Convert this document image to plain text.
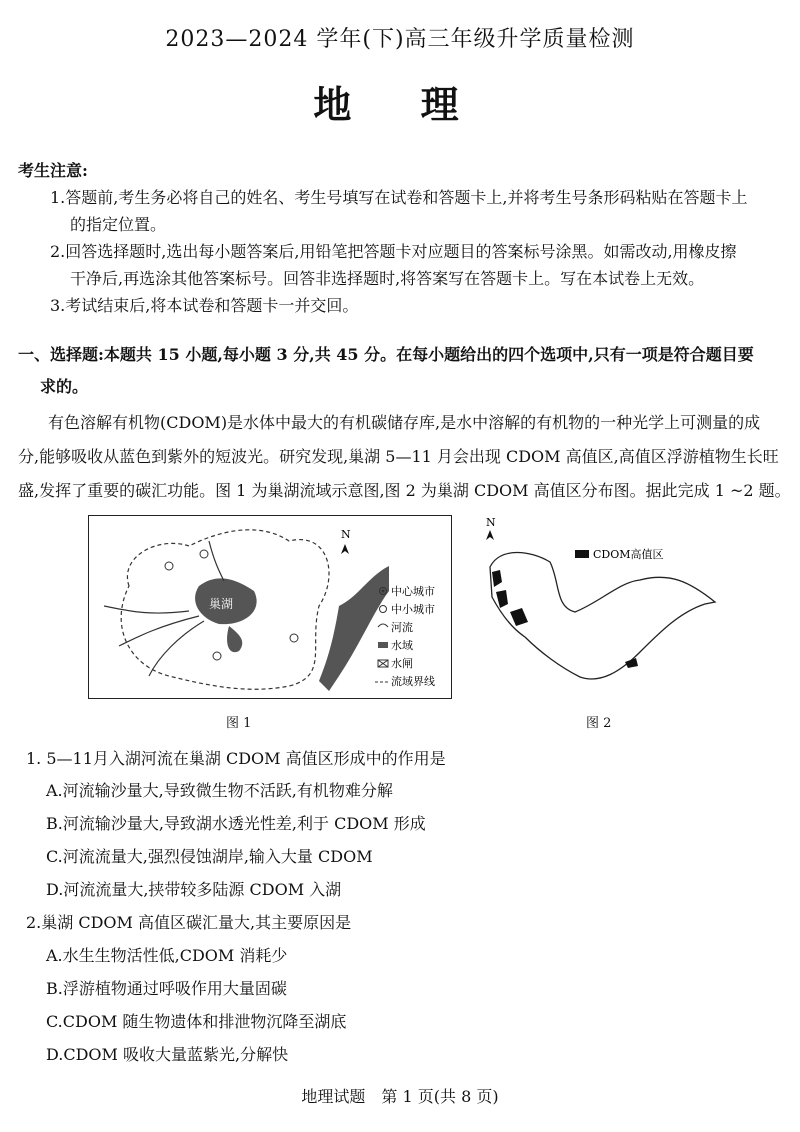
2023—2024 学年(下)高三年级升学质量检测
地 理
考生注意:
1.答题前,考生务必将自己的姓名、考生号填写在试卷和答题卡上,并将考生号条形码粘贴在答题卡上
的指定位置。
2.回答选择题时,选出每小题答案后,用铅笔把答题卡对应题目的答案标号涂黑。如需改动,用橡皮擦
干净后,再选涂其他答案标号。回答非选择题时,将答案写在答题卡上。写在本试卷上无效。
3.考试结束后,将本试卷和答题卡一并交回。
一、选择题:本题共 15 小题,每小题 3 分,共 45 分。在每小题给出的四个选项中,只有一项是符合题目要
求的。
有色溶解有机物(CDOM)是水体中最大的有机碳储存库,是水中溶解的有机物的一种光学上可测量的成
分,能够吸收从蓝色到紫外的短波光。研究发现,巢湖 5—11 月会出现 CDOM 高值区,高值区浮游植物生长旺
盛,发挥了重要的碳汇功能。图 1 为巢湖流域示意图,图 2 为巢湖 CDOM 高值区分布图。据此完成 1 ~2 题。
N
巢湖
中心城市
中小城市
河流
水域
水闸
流域界线
图 1
N
CDOM高值区
图 2
1. 5—11月入湖河流在巢湖 CDOM 高值区形成中的作用是
A.河流输沙量大,导致微生物不活跃,有机物难分解
B.河流输沙量大,导致湖水透光性差,利于 CDOM 形成
C.河流流量大,强烈侵蚀湖岸,输入大量 CDOM
D.河流流量大,挟带较多陆源 CDOM 入湖
2.巢湖 CDOM 高值区碳汇量大,其主要原因是
A.水生生物活性低,CDOM 消耗少
B.浮游植物通过呼吸作用大量固碳
C.CDOM 随生物遗体和排泄物沉降至湖底
D.CDOM 吸收大量蓝紫光,分解快
地理试题　第 1 页(共 8 页)
